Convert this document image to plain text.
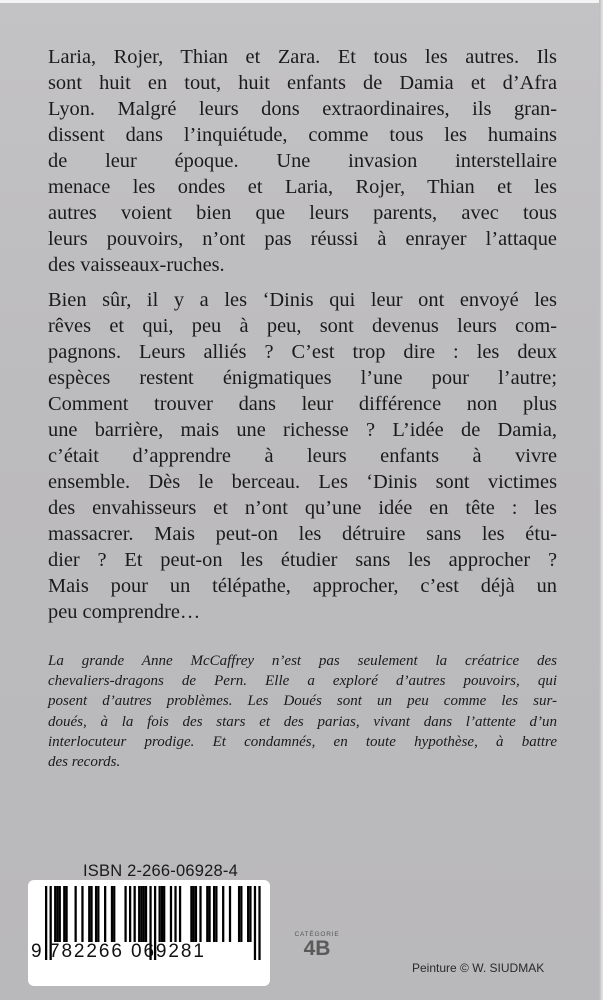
Laria, Rojer, Thian et Zara. Et tous les autres. Ils
sont huit en tout, huit enfants de Damia et d’Afra
Lyon. Malgré leurs dons extraordinaires, ils gran-
dissent dans l’inquiétude, comme tous les humains
de leur époque. Une invasion interstellaire
menace les ondes et Laria, Rojer, Thian et les
autres voient bien que leurs parents, avec tous
leurs pouvoirs, n’ont pas réussi à enrayer l’attaque
des vaisseaux-ruches.
Bien sûr, il y a les ‘Dinis qui leur ont envoyé les
rêves et qui, peu à peu, sont devenus leurs com-
pagnons. Leurs alliés ? C’est trop dire : les deux
espèces restent énigmatiques l’une pour l’autre;
Comment trouver dans leur différence non plus
une barrière, mais une richesse ? L’idée de Damia,
c’était d’apprendre à leurs enfants à vivre
ensemble. Dès le berceau. Les ‘Dinis sont victimes
des envahisseurs et n’ont qu’une idée en tête : les
massacrer. Mais peut-on les détruire sans les étu-
dier ? Et peut-on les étudier sans les approcher ?
Mais pour un télépathe, approcher, c’est déjà un
peu comprendre…
La grande Anne McCaffrey n’est pas seulement la créatrice des
chevaliers-dragons de Pern. Elle a exploré d’autres pouvoirs, qui
posent d’autres problèmes. Les Doués sont un peu comme les sur-
doués, à la fois des stars et des parias, vivant dans l’attente d’un
interlocuteur prodige. Et condamnés, en toute hypothèse, à battre
des records.
ISBN 2-266-06928-4
9 782266 069281
CATÉGORIE
4B
Peinture © W. SIUDMAK
